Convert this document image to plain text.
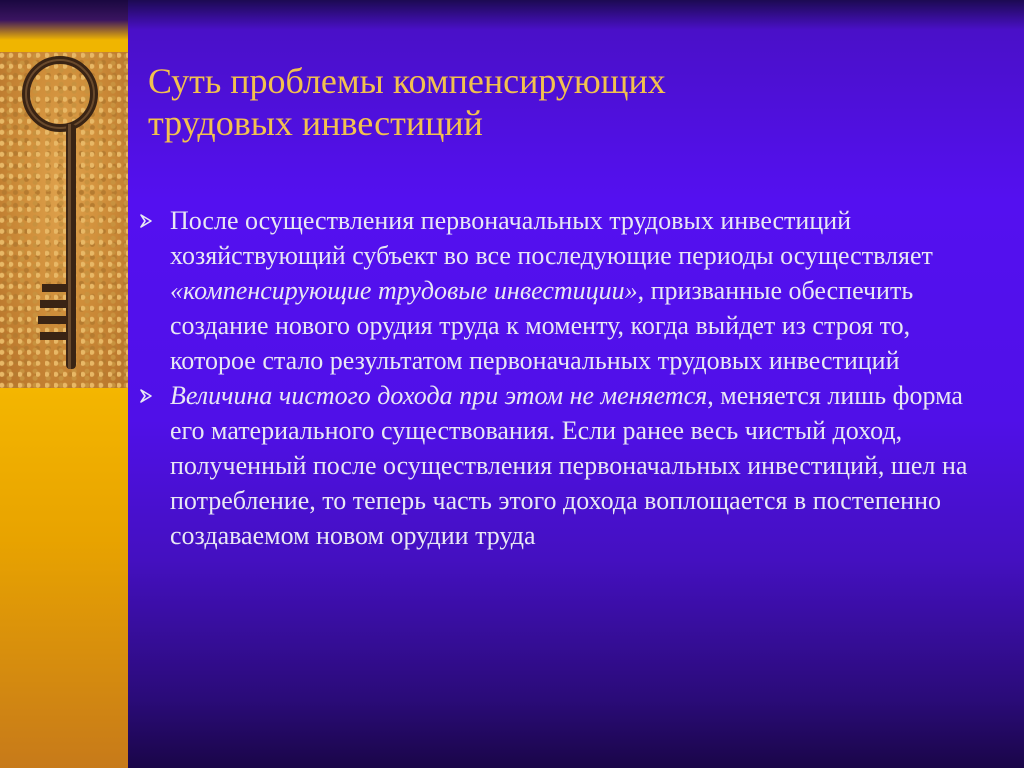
Суть проблемы компенсирующих
трудовых инвестиций
После осуществления первоначальных трудовых инвестиций хозяйствующий субъект во все последующие периоды осуществляет «компенсирующие трудовые инвестиции», призванные обеспечить создание нового орудия труда к моменту, когда выйдет из строя то, которое стало результатом первоначальных трудовых инвестиций
Величина чистого дохода при этом не меняется, меняется лишь форма его материального существования. Если ранее весь чистый доход, полученный после осуществления первоначальных инвестиций, шел на потребление, то теперь часть этого дохода воплощается в постепенно создаваемом новом орудии труда
